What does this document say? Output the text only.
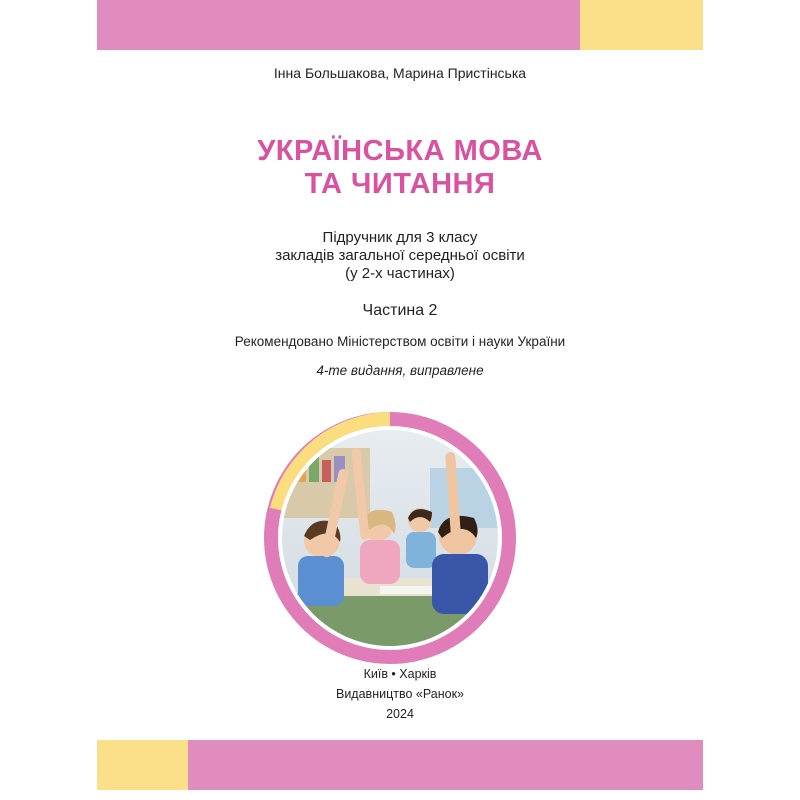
Інна Большакова, Марина Пристінська
УКРАЇНСЬКА МОВА
ТА ЧИТАННЯ
Підручник для 3 класу
закладів загальної середньої освіти
(у 2-х частинах)
Частина 2
Рекомендовано Міністерством освіти і науки України
4-те видання, виправлене
Київ • Харків
Видавництво «Ранок»
2024
